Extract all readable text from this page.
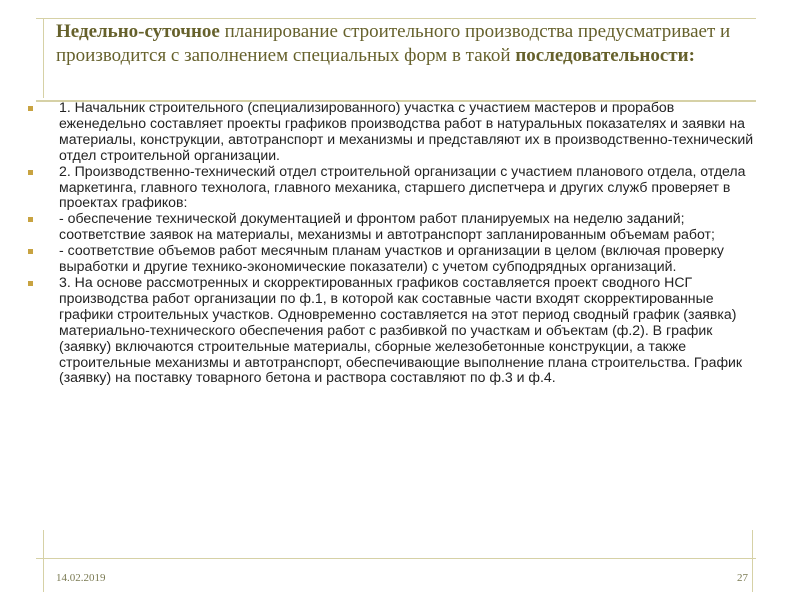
Недельно-суточное планирование строительного производства предусматривает и производится с заполнением специальных форм в такой последовательности:
1. Начальник строительного (специализированного) участка с участием мастеров и прорабов еженедельно составляет проекты графиков производства работ в натуральных показателях и заявки на материалы, конструкции, автотранспорт и механизмы и представляют их в производственно-технический отдел строительной организации.
2. Производственно-технический отдел строительной организации с участием планового отдела, отдела маркетинга, главного технолога, главного механика, старшего диспетчера и других служб проверяет в проектах графиков:
- обеспечение технической документацией и фронтом работ планируемых на неделю заданий; соответствие заявок на материалы, механизмы и автотранспорт запланированным объемам работ;
- соответствие объемов работ месячным планам участков и организации в целом (включая проверку выработки и другие технико-экономические показатели) с учетом субподрядных организаций.
3. На основе рассмотренных и скорректированных графиков составляется проект сводного НСГ производства работ организации по ф.1, в которой как составные части входят скорректированные графики строительных участков. Одновременно составляется на этот период сводный график (заявка) материально-технического обеспечения работ с разбивкой по участкам и объектам (ф.2). В график (заявку) включаются строительные материалы, сборные железобетонные конструкции, а также строительные механизмы и автотранспорт, обеспечивающие выполнение плана строительства. График (заявку) на поставку товарного бетона и раствора составляют по ф.3 и ф.4.
14.02.2019	27
